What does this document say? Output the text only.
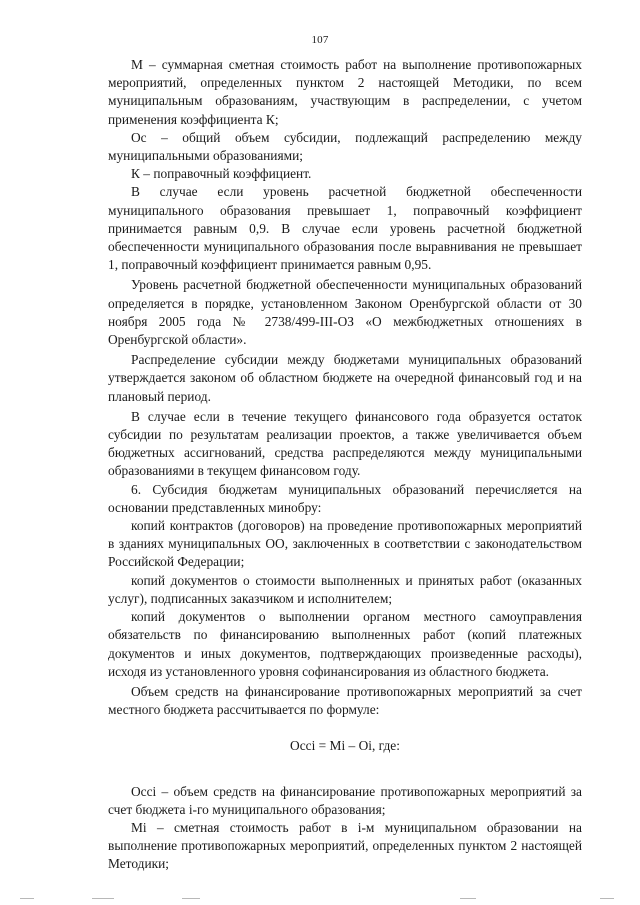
107

М – суммарная сметная стоимость работ на выполнение противопожарных мероприятий, определенных пунктом 2 настоящей Методики, по всем муниципальным образованиям, участвующим в распределении, с учетом применения коэффициента К;

Ос – общий объем субсидии, подлежащий распределению между муниципальными образованиями;

К – поправочный коэффициент.

В случае если уровень расчетной бюджетной обеспеченности муниципального образования превышает 1, поправочный коэффициент принимается равным 0,9. В случае если уровень расчетной бюджетной обеспеченности муниципального образования после выравнивания не превышает 1, поправочный коэффициент принимается равным 0,95.

Уровень расчетной бюджетной обеспеченности муниципальных образований определяется в порядке, установленном Законом Оренбургской области от 30 ноября 2005 года № 2738/499-III-ОЗ «О межбюджетных отношениях в Оренбургской области».

Распределение субсидии между бюджетами муниципальных образований утверждается законом об областном бюджете на очередной финансовый год и на плановый период.

В случае если в течение текущего финансового года образуется остаток субсидии по результатам реализации проектов, а также увеличивается объем бюджетных ассигнований, средства распределяются между муниципальными образованиями в текущем финансовом году.

6. Субсидия бюджетам муниципальных образований перечисляется на основании представленных минобру:

копий контрактов (договоров) на проведение противопожарных мероприятий в зданиях муниципальных ОО, заключенных в соответствии с законодательством Российской Федерации;

копий документов о стоимости выполненных и принятых работ (оказанных услуг), подписанных заказчиком и исполнителем;

копий документов о выполнении органом местного самоуправления обязательств по финансированию выполненных работ (копий платежных документов и иных документов, подтверждающих произведенные расходы), исходя из установленного уровня софинансирования из областного бюджета.

Объем средств на финансирование противопожарных мероприятий за счет местного бюджета рассчитывается по формуле:

Оссi = Мi – Оi, где:

Оссi – объем средств на финансирование противопожарных мероприятий за счет бюджета i-го муниципального образования;

Мi – сметная стоимость работ в i-м муниципальном образовании на выполнение противопожарных мероприятий, определенных пунктом 2 настоящей Методики;
